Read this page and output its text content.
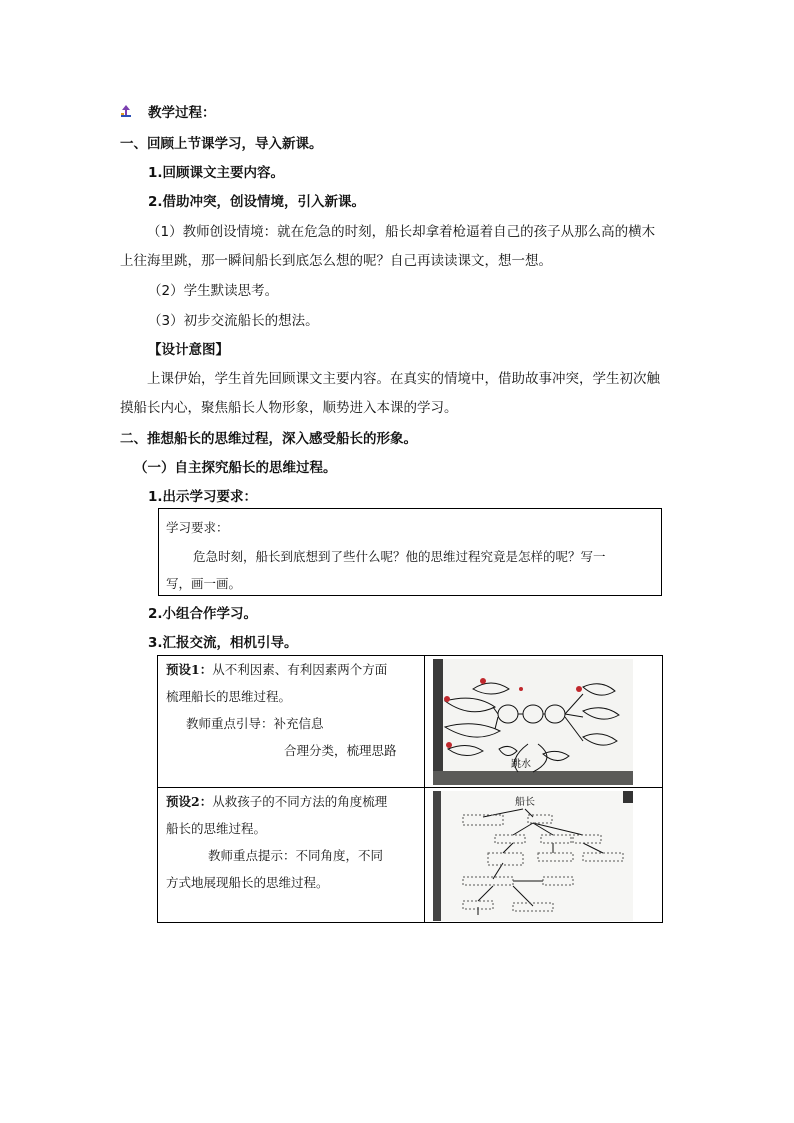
教学过程：
一、回顾上节课学习，导入新课。
1.回顾课文主要内容。
2.借助冲突，创设情境，引入新课。
（1）教师创设情境：就在危急的时刻，船长却拿着枪逼着自己的孩子从那么高的横木上往海里跳，那一瞬间船长到底怎么想的呢？自己再读读课文，想一想。
（2）学生默读思考。
（3）初步交流船长的想法。
【设计意图】
上课伊始，学生首先回顾课文主要内容。在真实的情境中，借助故事冲突，学生初次触摸船长内心，聚焦船长人物形象，顺势进入本课的学习。
二、推想船长的思维过程，深入感受船长的形象。
（一）自主探究船长的思维过程。
1.出示学习要求：
学习要求：
危急时刻，船长到底想到了些什么呢？他的思维过程究竟是怎样的呢？写一
写，画一画。
2.小组合作学习。
3.汇报交流，相机引导。
预设1：从不利因素、有利因素两个方面
梳理船长的思维过程。
教师重点引导：补充信息
合理分类，梳理思路	跳水

预设2：从救孩子的不同方法的角度梳理
船长的思维过程。
教师重点提示：不同角度，不同
方式地展现船长的思维过程。	船长
